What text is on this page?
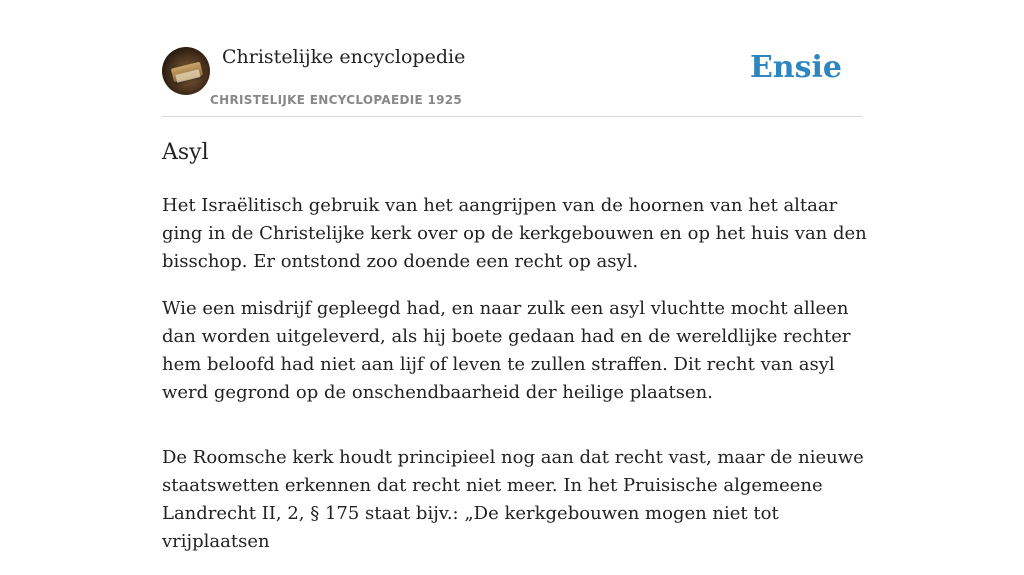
Christelijke encyclopedie
CHRISTELIJKE ENCYCLOPAEDIE 1925
Ensie
Asyl

Het Israëlitisch gebruik van het aangrijpen van de hoornen van het altaar ging in de Christelijke kerk over op de kerkgebouwen en op het huis van den bisschop. Er ontstond zoo doende een recht op asyl.

Wie een misdrijf gepleegd had, en naar zulk een asyl vluchtte mocht alleen dan worden uitgeleverd, als hij boete gedaan had en de wereldlijke rechter hem beloofd had niet aan lijf of leven te zullen straffen. Dit recht van asyl werd gegrond op de onschendbaarheid der heilige plaatsen.

De Roomsche kerk houdt principieel nog aan dat recht vast, maar de nieuwe staatswetten erkennen dat recht niet meer. In het Pruisische algemeene Landrecht II, 2, § 175 staat bijv.: „De kerkgebouwen mogen niet tot vrijplaatsen
